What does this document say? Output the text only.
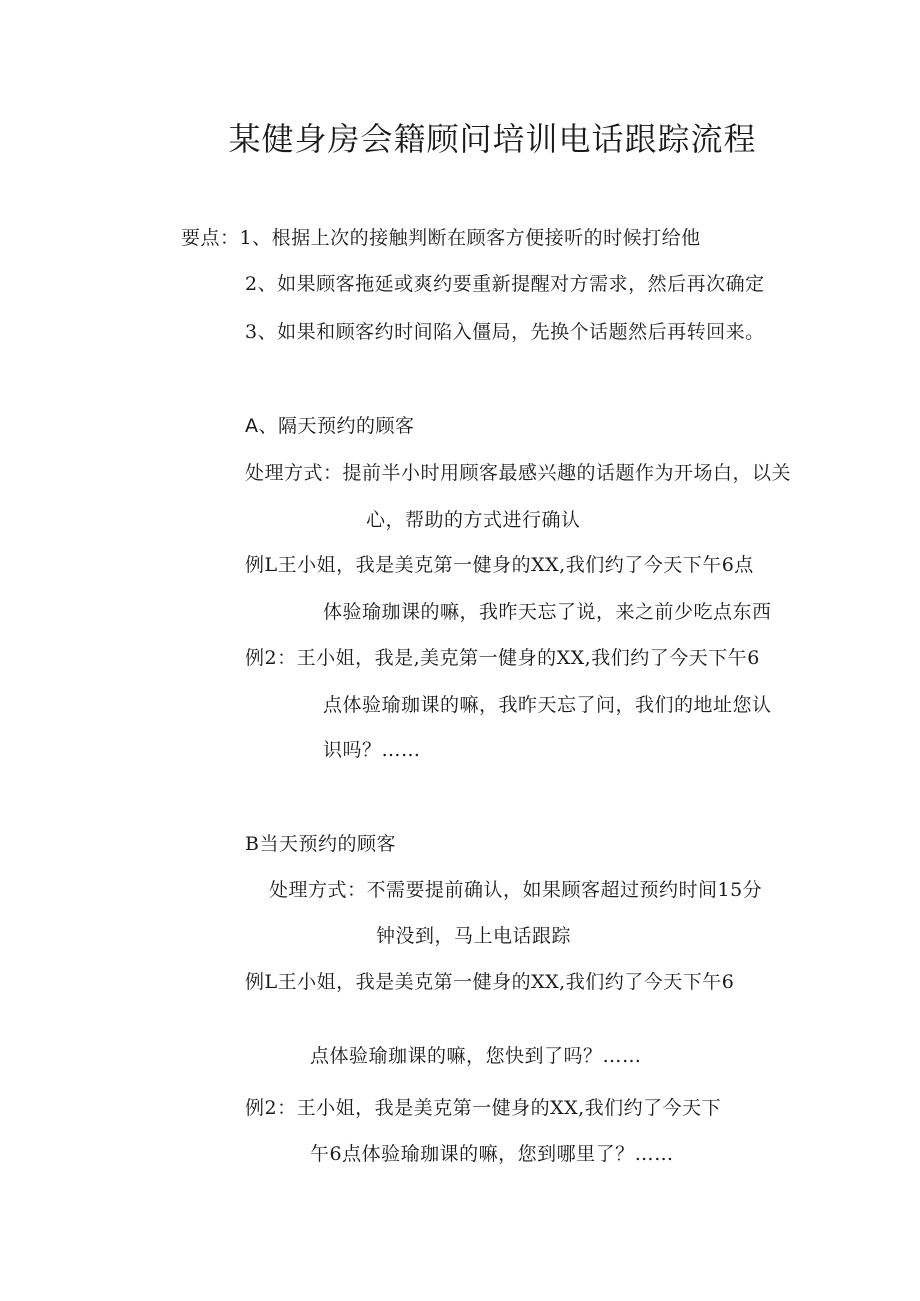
某健身房会籍顾问培训电话跟踪流程
要点：1、根据上次的接触判断在顾客方便接听的时候打给他
2、如果顾客拖延或爽约要重新提醒对方需求，然后再次确定
3、如果和顾客约时间陷入僵局，先换个话题然后再转回来。
A、隔天预约的顾客
处理方式：提前半小时用顾客最感兴趣的话题作为开场白，以关
心，帮助的方式进行确认
例L王小姐，我是美克第一健身的XX,我们约了今天下午6点
体验瑜珈课的嘛，我昨天忘了说，来之前少吃点东西
例2：王小姐，我是,美克第一健身的XX,我们约了今天下午6
点体验瑜珈课的嘛，我昨天忘了问，我们的地址您认
识吗？……
B当天预约的顾客
处理方式：不需要提前确认，如果顾客超过预约时间15分
钟没到，马上电话跟踪
例L王小姐，我是美克第一健身的XX,我们约了今天下午6
点体验瑜珈课的嘛，您快到了吗？……
例2：王小姐，我是美克第一健身的XX,我们约了今天下
午6点体验瑜珈课的嘛，您到哪里了？……
